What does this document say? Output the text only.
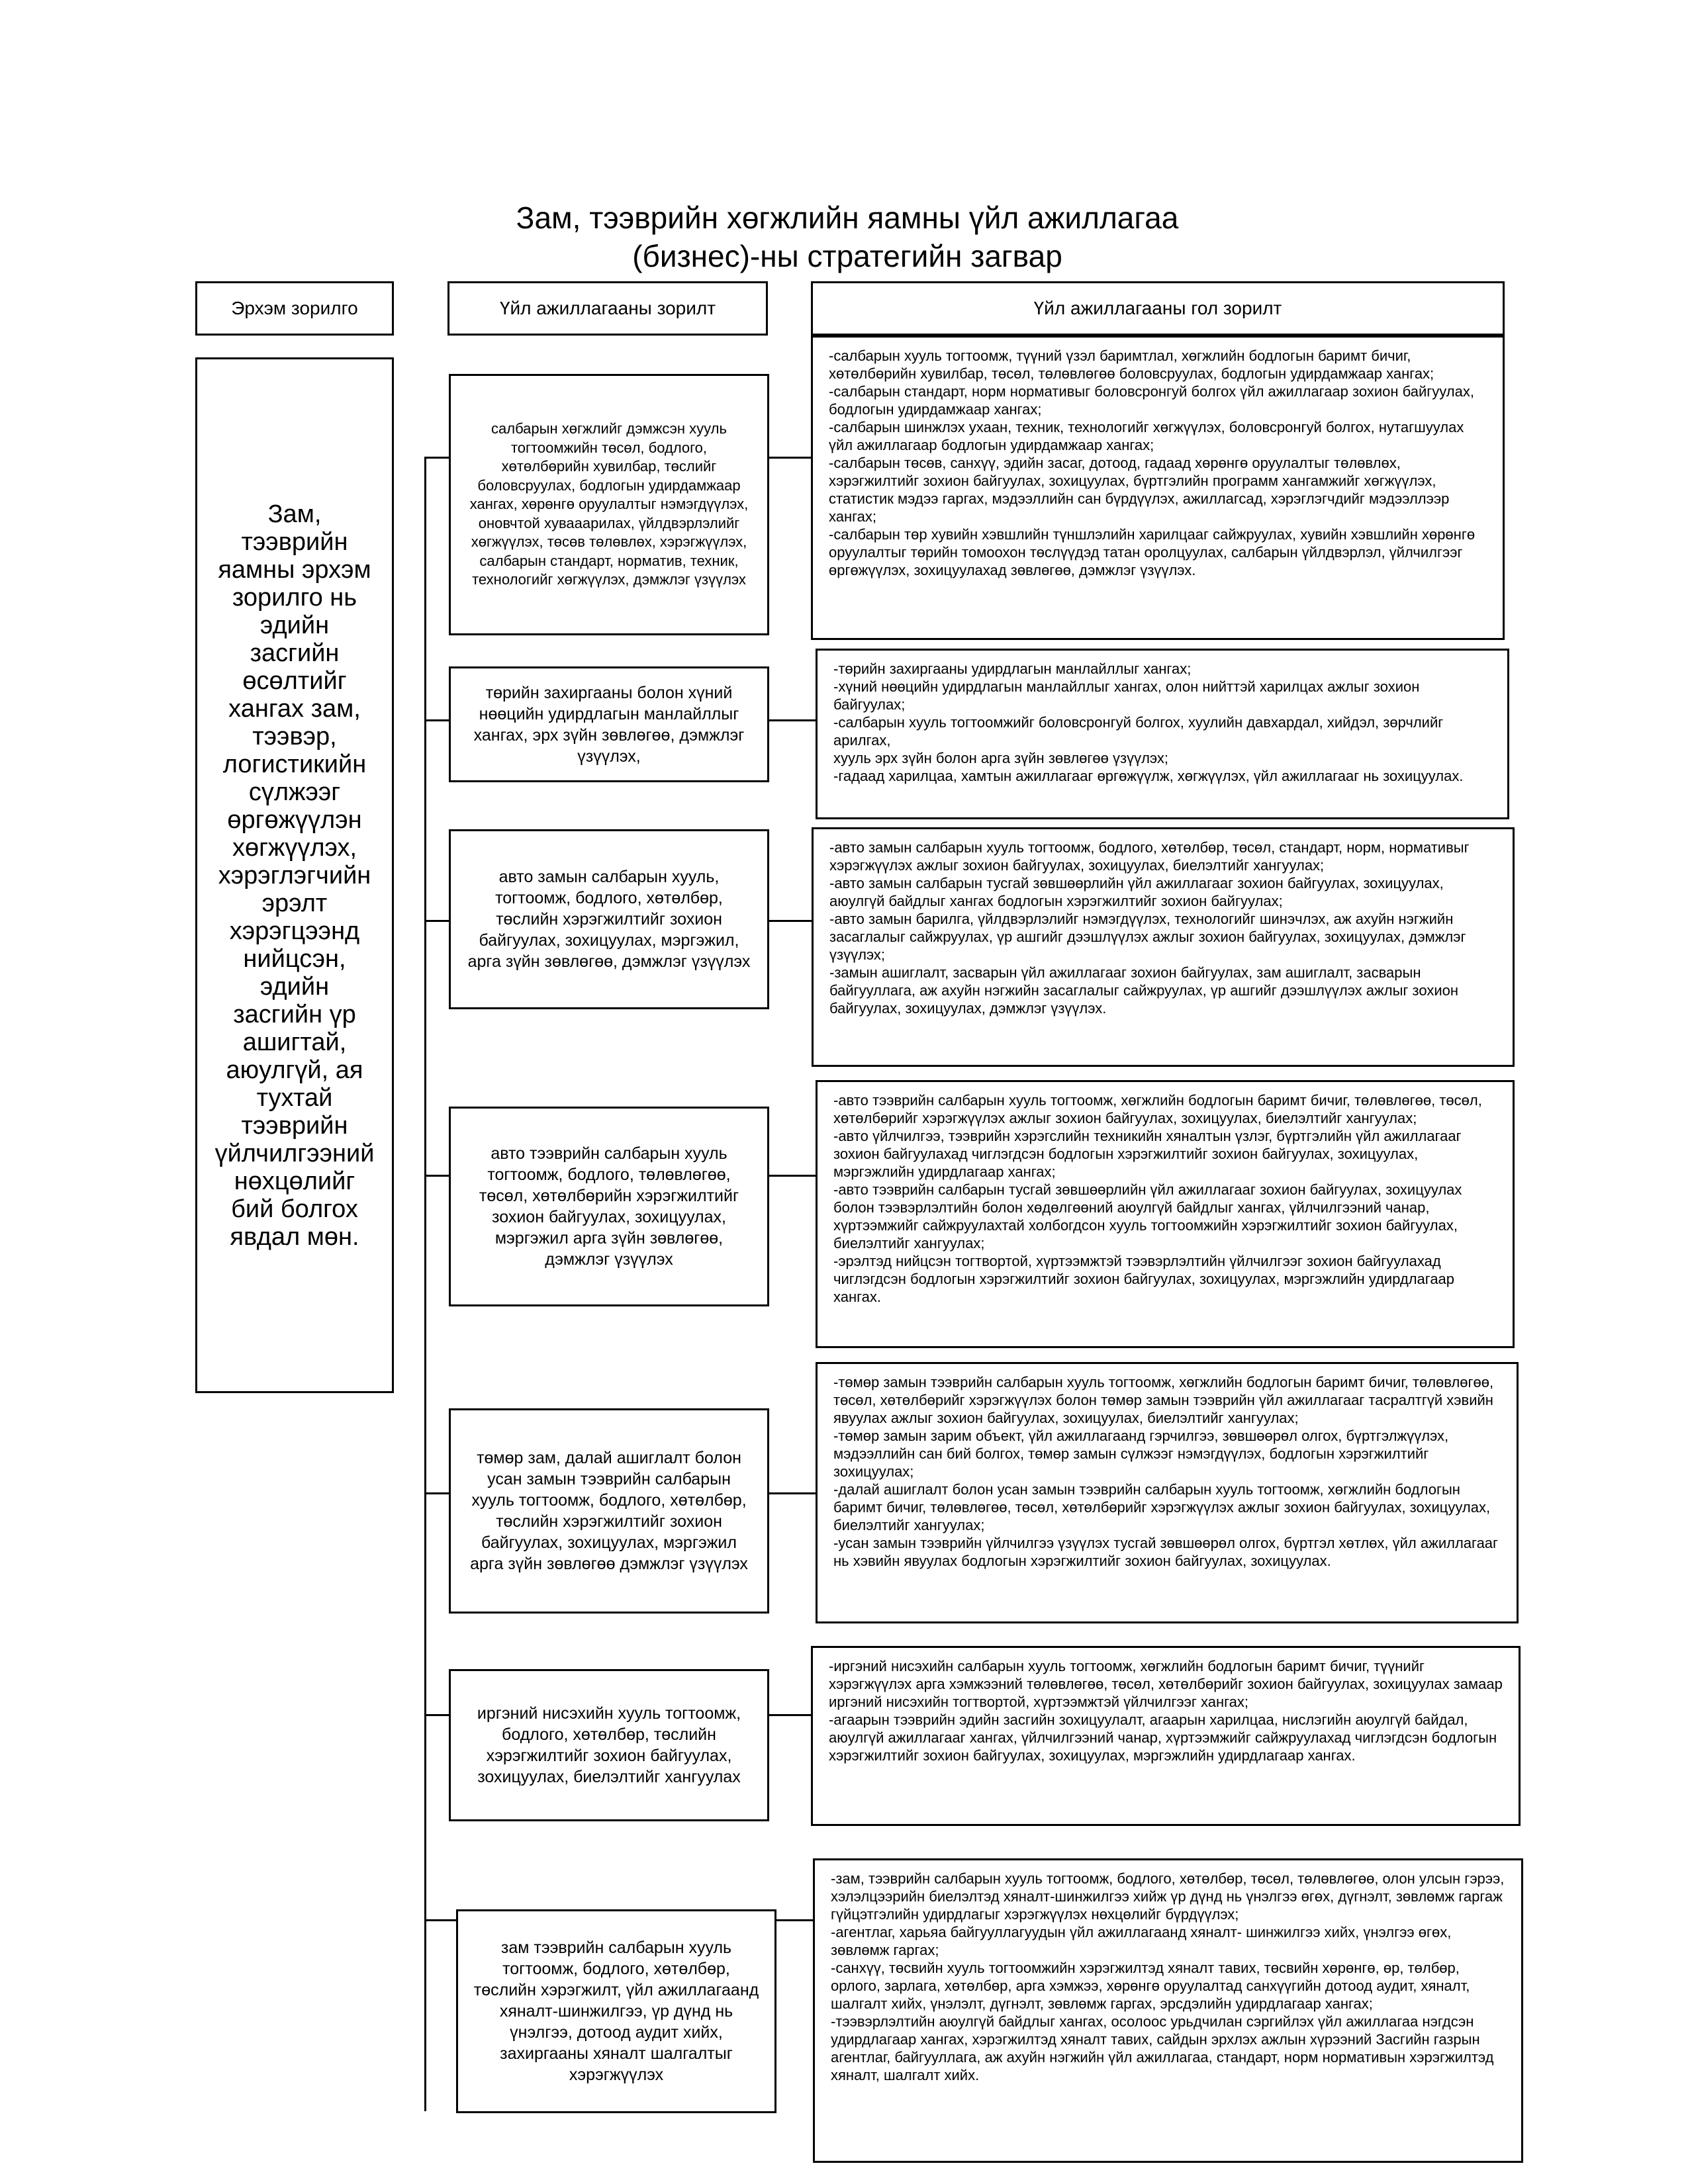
Зам, тээврийн хөгжлийн яамны үйл ажиллагаа
(бизнес)-ны стратегийн загвар
Эрхэм зорилго	Үйл ажиллагааны зорилт	Үйл ажиллагааны гол зорилт
Зам, тээврийн яамны эрхэм зорилго нь эдийн засгийн өсөлтийг хангах зам, тээвэр, логистикийн сүлжээг өргөжүүлэн хөгжүүлэх, хэрэглэгчийн эрэлт хэрэгцээнд нийцсэн, эдийн засгийн үр ашигтай, аюулгүй, ая тухтай тээврийн үйлчилгээний нөхцөлийг бий болгох явдал мөн.
салбарын хөгжлийг дэмжсэн хууль тогтоомжийн төсөл, бодлого, хөтөлбөрийн хувилбар, төслийг боловсруулах, бодлогын удирдамжаар хангах, хөрөнгө оруулалтыг нэмэгдүүлэх, оновчтой хувааарилах, үйлдвэрлэлийг хөгжүүлэх, төсөв төлөвлөх, хэрэгжүүлэх, салбарын стандарт, норматив, техник, технологийг хөгжүүлэх, дэмжлэг үзүүлэх
-салбарын хууль тогтоомж, түүний үзэл баримтлал, хөгжлийн бодлогын баримт бичиг, хөтөлбөрийн хувилбар, төсөл, төлөвлөгөө боловсруулах, бодлогын удирдамжаар хангах;
-салбарын стандарт, норм нормативыг боловсронгуй болгох үйл ажиллагаар зохион байгуулах, бодлогын удирдамжаар хангах;
-салбарын шинжлэх ухаан, техник, технологийг хөгжүүлэх, боловсронгуй болгох, нутагшуулах үйл ажиллагаар бодлогын удирдамжаар хангах;
-салбарын төсөв, санхүү, эдийн засаг, дотоод, гадаад хөрөнгө оруулалтыг төлөвлөх, хэрэгжилтийг зохион байгуулах, зохицуулах, бүртгэлийн программ хангамжийг хөгжүүлэх, статистик мэдээ гаргах, мэдээллийн сан бүрдүүлэх, ажиллагсад, хэрэглэгчдийг мэдээллээр хангах;
-салбарын төр хувийн хэвшлийн түншлэлийн харилцааг сайжруулах, хувийн хэвшлийн хөрөнгө оруулалтыг төрийн томоохон төслүүдэд татан оролцуулах, салбарын үйлдвэрлэл, үйлчилгээг өргөжүүлэх, зохицуулахад зөвлөгөө, дэмжлэг үзүүлэх.
төрийн захиргааны болон хүний нөөцийн удирдлагын манлайллыг хангах, эрх зүйн зөвлөгөө, дэмжлэг үзүүлэх,
-төрийн захиргааны удирдлагын манлайллыг хангах;
-хүний нөөцийн удирдлагын манлайллыг хангах, олон нийттэй харилцах ажлыг зохион байгуулах;
-салбарын хууль тогтоомжийг боловсронгуй болгох, хуулийн давхардал, хийдэл, зөрчлийг арилгах,
хууль эрх зүйн болон арга зүйн зөвлөгөө үзүүлэх;
-гадаад харилцаа, хамтын ажиллагааг өргөжүүлж, хөгжүүлэх, үйл ажиллагааг нь зохицуулах.
авто замын салбарын хууль, тогтоомж, бодлого, хөтөлбөр, төслийн хэрэгжилтийг зохион байгуулах, зохицуулах, мэргэжил, арга зүйн зөвлөгөө, дэмжлэг үзүүлэх
-авто замын салбарын хууль тогтоомж, бодлого, хөтөлбөр, төсөл, стандарт, норм, нормативыг хэрэгжүүлэх ажлыг зохион байгуулах, зохицуулах, биелэлтийг хангуулах;
-авто замын салбарын тусгай зөвшөөрлийн үйл ажиллагааг зохион байгуулах, зохицуулах, аюулгүй байдлыг хангах бодлогын хэрэгжилтийг зохион байгуулах;
-авто замын барилга, үйлдвэрлэлийг нэмэгдүүлэх, технологийг шинэчлэх, аж ахуйн нэгжийн засаглалыг сайжруулах, үр ашгийг дээшлүүлэх ажлыг зохион байгуулах, зохицуулах, дэмжлэг үзүүлэх;
-замын ашиглалт, засварын үйл ажиллагааг зохион байгуулах, зам ашиглалт, засварын байгууллага, аж ахуйн нэгжийн засаглалыг сайжруулах, үр ашгийг дээшлүүлэх ажлыг зохион байгуулах, зохицуулах, дэмжлэг үзүүлэх.
авто тээврийн салбарын хууль тогтоомж, бодлого, төлөвлөгөө, төсөл, хөтөлбөрийн хэрэгжилтийг зохион байгуулах, зохицуулах, мэргэжил арга зүйн зөвлөгөө, дэмжлэг үзүүлэх
-авто тээврийн салбарын хууль тогтоомж, хөгжлийн бодлогын баримт бичиг, төлөвлөгөө, төсөл, хөтөлбөрийг хэрэгжүүлэх ажлыг зохион байгуулах, зохицуулах, биелэлтийг хангуулах;
-авто үйлчилгээ, тээврийн хэрэгслийн техникийн хяналтын үзлэг, бүртгэлийн үйл ажиллагааг зохион байгуулахад чиглэгдсэн бодлогын хэрэгжилтийг зохион байгуулах, зохицуулах, мэргэжлийн удирдлагаар хангах;
-авто тээврийн салбарын тусгай зөвшөөрлийн үйл ажиллагааг зохион байгуулах, зохицуулах болон тээвэрлэлтийн болон хөдөлгөөний аюулгүй байдлыг хангах, үйлчилгээний чанар, хүртээмжийг сайжруулахтай холбогдсон хууль тогтоомжийн хэрэгжилтийг зохион байгуулах, биелэлтийг хангуулах;
-эрэлтэд нийцсэн тогтвортой, хүртээмжтэй тээвэрлэлтийн үйлчилгээг зохион байгуулахад чиглэгдсэн бодлогын хэрэгжилтийг зохион байгуулах, зохицуулах, мэргэжлийн удирдлагаар хангах.
төмөр зам, далай ашиглалт болон усан замын тээврийн салбарын хууль тогтоомж, бодлого, хөтөлбөр, төслийн хэрэгжилтийг зохион байгуулах, зохицуулах, мэргэжил арга зүйн зөвлөгөө дэмжлэг үзүүлэх
-төмөр замын тээврийн салбарын хууль тогтоомж, хөгжлийн бодлогын баримт бичиг, төлөвлөгөө, төсөл, хөтөлбөрийг хэрэгжүүлэх болон төмөр замын тээврийн үйл ажиллагааг тасралтгүй хэвийн явуулах ажлыг зохион байгуулах, зохицуулах, биелэлтийг хангуулах;
-төмөр замын зарим объект, үйл ажиллагаанд гэрчилгээ, зөвшөөрөл олгох, бүртгэлжүүлэх, мэдээллийн сан бий болгох, төмөр замын сүлжээг нэмэгдүүлэх, бодлогын хэрэгжилтийг зохицуулах;
-далай ашиглалт болон усан замын тээврийн салбарын хууль тогтоомж, хөгжлийн бодлогын баримт бичиг, төлөвлөгөө, төсөл, хөтөлбөрийг хэрэгжүүлэх ажлыг зохион байгуулах, зохицуулах, биелэлтийг хангуулах;
-усан замын тээврийн үйлчилгээ үзүүлэх тусгай зөвшөөрөл олгох, бүртгэл хөтлөх, үйл ажиллагааг нь хэвийн явуулах бодлогын хэрэгжилтийг зохион байгуулах, зохицуулах.
иргэний нисэхийн хууль тогтоомж, бодлого, хөтөлбөр, төслийн хэрэгжилтийг зохион байгуулах, зохицуулах, биелэлтийг хангуулах
-иргэний нисэхийн салбарын хууль тогтоомж, хөгжлийн бодлогын баримт бичиг, түүнийг хэрэгжүүлэх арга хэмжээний төлөвлөгөө, төсөл, хөтөлбөрийг зохион байгуулах, зохицуулах замаар иргэний нисэхийн тогтвортой, хүртээмжтэй үйлчилгээг хангах;
-агаарын тээврийн эдийн засгийн зохицуулалт, агаарын харилцаа, нислэгийн аюулгүй байдал, аюулгүй ажиллагааг хангах, үйлчилгээний чанар, хүртээмжийг сайжруулахад чиглэгдсэн бодлогын хэрэгжилтийг зохион байгуулах, зохицуулах, мэргэжлийн удирдлагаар хангах.
зам тээврийн салбарын хууль тогтоомж, бодлого, хөтөлбөр, төслийн хэрэгжилт, үйл ажиллагаанд хяналт-шинжилгээ, үр дүнд нь үнэлгээ, дотоод аудит хийх, захиргааны хяналт шалгалтыг хэрэгжүүлэх
-зам, тээврийн салбарын хууль тогтоомж, бодлого, хөтөлбөр, төсөл, төлөвлөгөө, олон улсын гэрээ, хэлэлцээрийн биелэлтэд хяналт-шинжилгээ хийж үр дүнд нь үнэлгээ өгөх, дүгнэлт, зөвлөмж гаргаж гүйцэтгэлийн удирдлагыг хэрэгжүүлэх нөхцөлийг бүрдүүлэх;
-агентлаг, харьяа байгууллагуудын үйл ажиллагаанд хяналт- шинжилгээ хийх, үнэлгээ өгөх, зөвлөмж гаргах;
-санхүү, төсвийн хууль тогтоомжийн хэрэгжилтэд хяналт тавих, төсвийн хөрөнгө, өр, төлбөр, орлого, зарлага, хөтөлбөр, арга хэмжээ, хөрөнгө оруулалтад санхүүгийн дотоод аудит, хяналт, шалгалт хийх, үнэлэлт, дүгнэлт, зөвлөмж гаргах, эрсдэлийн удирдлагаар хангах;
-тээвэрлэлтийн аюулгүй байдлыг хангах, осолоос урьдчилан сэргийлэх үйл ажиллагаа нэгдсэн удирдлагаар хангах, хэрэгжилтэд хяналт тавих, сайдын эрхлэх ажлын хүрээний Засгийн газрын агентлаг, байгууллага, аж ахуйн нэгжийн үйл ажиллагаа, стандарт, норм нормативын хэрэгжилтэд хяналт, шалгалт хийх.
